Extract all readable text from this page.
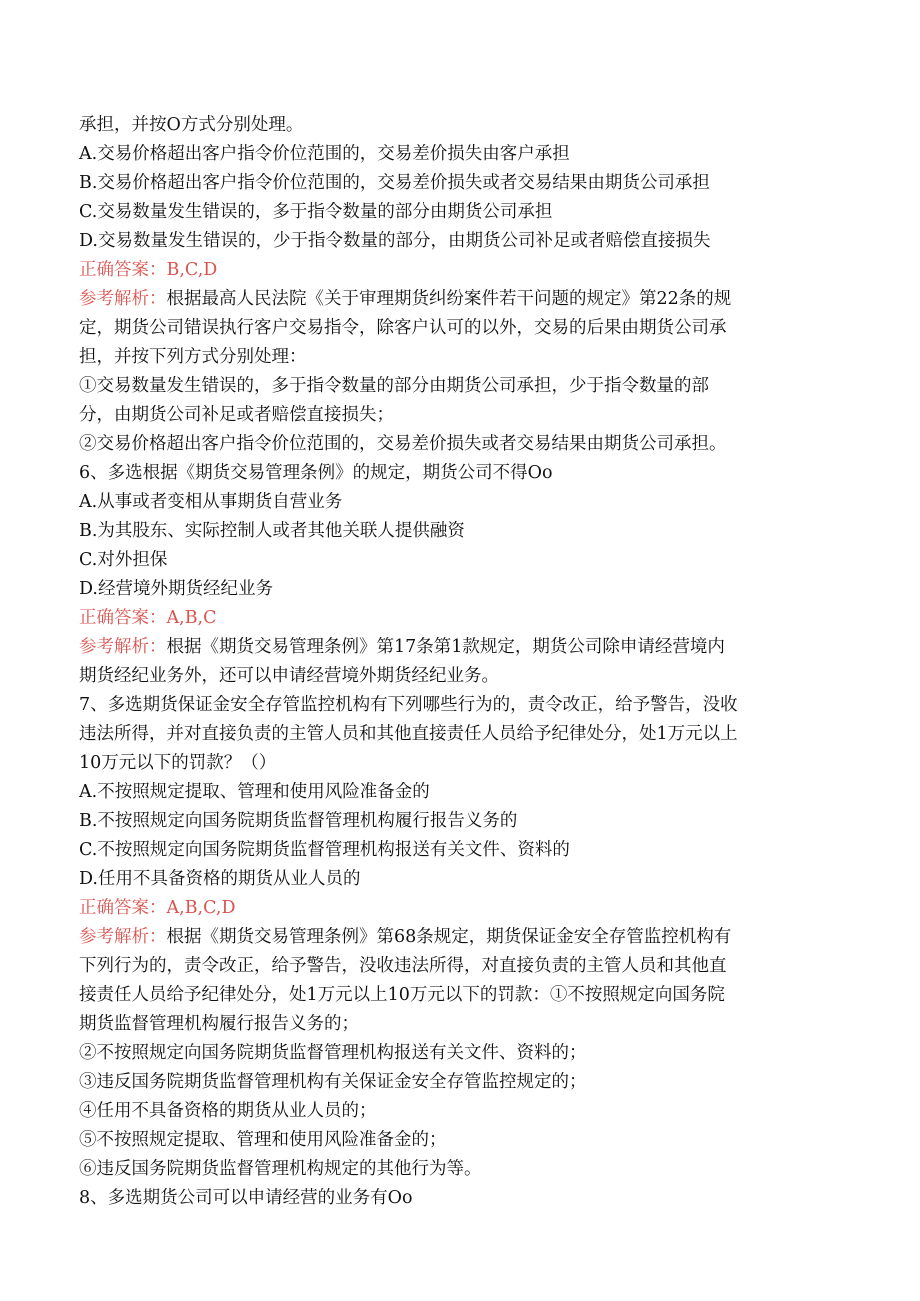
承担，并按O方式分别处理。
A.交易价格超出客户指令价位范围的，交易差价损失由客户承担
B.交易价格超出客户指令价位范围的，交易差价损失或者交易结果由期货公司承担
C.交易数量发生错误的，多于指令数量的部分由期货公司承担
D.交易数量发生错误的，少于指令数量的部分，由期货公司补足或者赔偿直接损失
正确答案：B,C,D
参考解析：根据最高人民法院《关于审理期货纠纷案件若干问题的规定》第22条的规
定，期货公司错误执行客户交易指令，除客户认可的以外，交易的后果由期货公司承
担，并按下列方式分别处理：
①交易数量发生错误的，多于指令数量的部分由期货公司承担，少于指令数量的部
分，由期货公司补足或者赔偿直接损失；
②交易价格超出客户指令价位范围的，交易差价损失或者交易结果由期货公司承担。
6、多选根据《期货交易管理条例》的规定，期货公司不得Oo
A.从事或者变相从事期货自营业务
B.为其股东、实际控制人或者其他关联人提供融资
C.对外担保
D.经营境外期货经纪业务
正确答案：A,B,C
参考解析：根据《期货交易管理条例》第17条第1款规定，期货公司除申请经营境内
期货经纪业务外，还可以申请经营境外期货经纪业务。
7、多选期货保证金安全存管监控机构有下列哪些行为的，责令改正，给予警告，没收
违法所得，并对直接负责的主管人员和其他直接责任人员给予纪律处分，处1万元以上
10万元以下的罚款？（）
A.不按照规定提取、管理和使用风险准备金的
B.不按照规定向国务院期货监督管理机构履行报告义务的
C.不按照规定向国务院期货监督管理机构报送有关文件、资料的
D.任用不具备资格的期货从业人员的
正确答案：A,B,C,D
参考解析：根据《期货交易管理条例》第68条规定，期货保证金安全存管监控机构有
下列行为的，责令改正，给予警告，没收违法所得，对直接负责的主管人员和其他直
接责任人员给予纪律处分，处1万元以上10万元以下的罚款：①不按照规定向国务院
期货监督管理机构履行报告义务的；
②不按照规定向国务院期货监督管理机构报送有关文件、资料的；
③违反国务院期货监督管理机构有关保证金安全存管监控规定的；
④任用不具备资格的期货从业人员的；
⑤不按照规定提取、管理和使用风险准备金的；
⑥违反国务院期货监督管理机构规定的其他行为等。
8、多选期货公司可以申请经营的业务有Oo
